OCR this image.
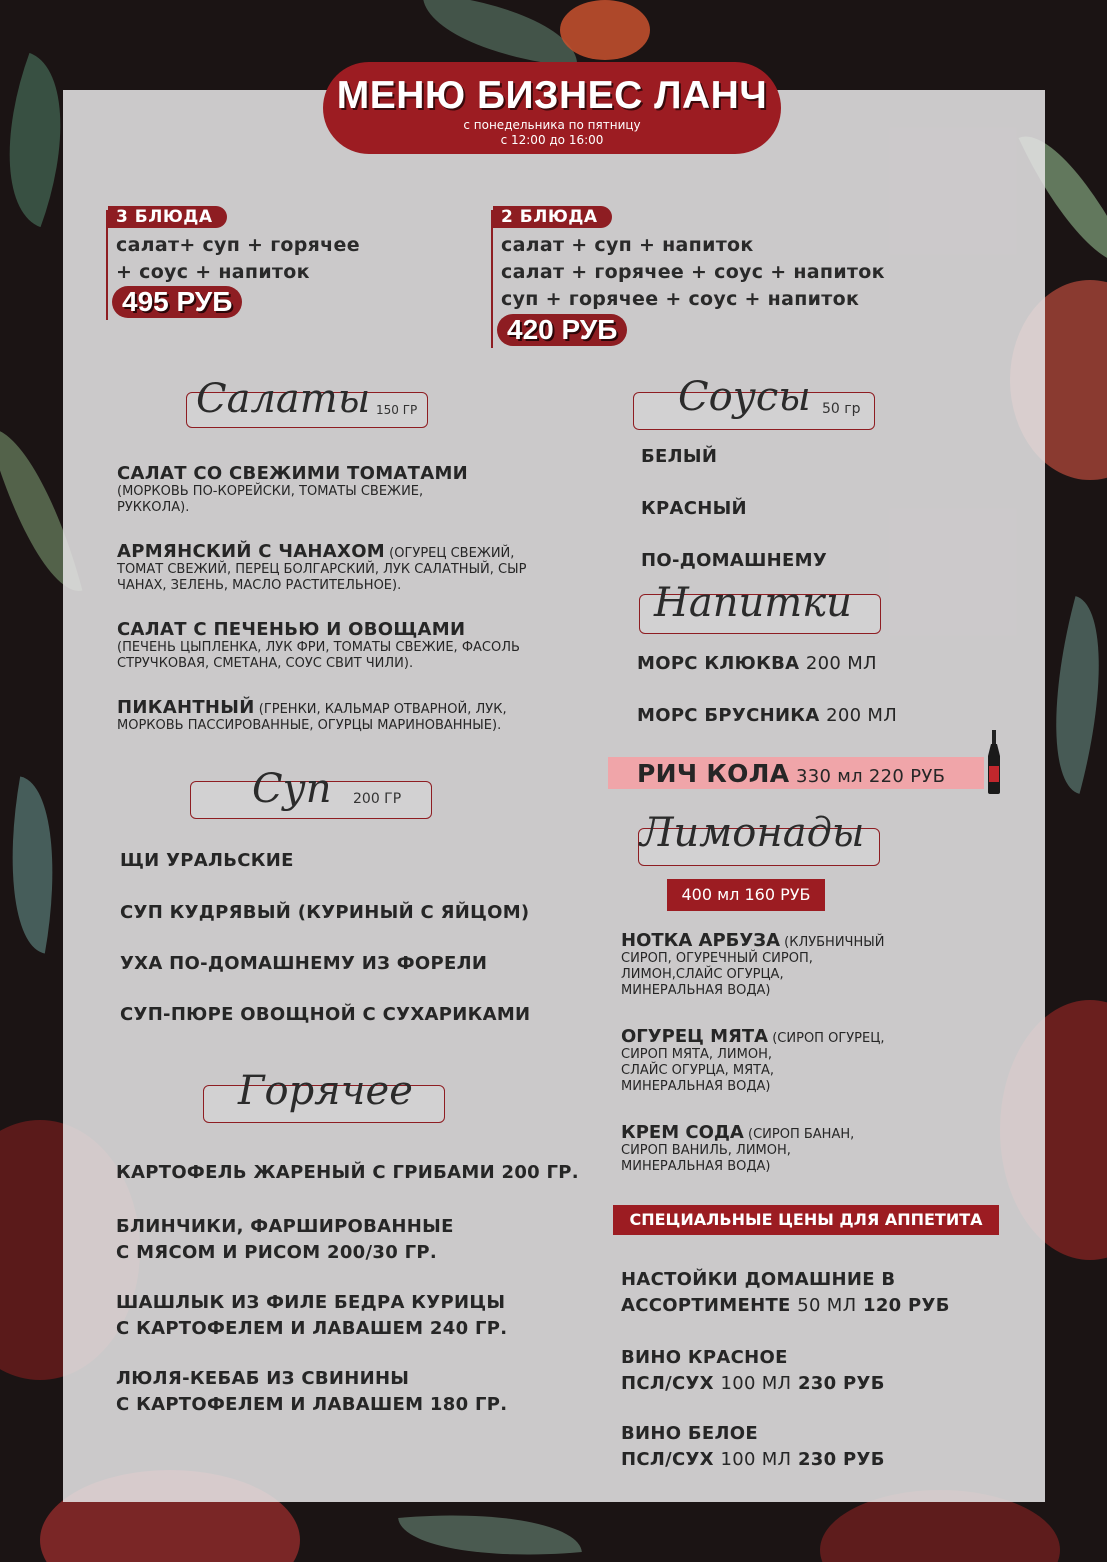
МЕНЮ БИЗНЕС ЛАНЧ
с понедельника по пятницу
с 12:00 до 16:00
3 БЛЮДА
салат+ суп + горячее
+ соус + напиток
495 РУБ
2 БЛЮДА
салат + суп + напиток
салат + горячее + соус + напиток
суп + горячее + соус + напиток
420 РУБ
Салаты 150 ГР
САЛАТ СО СВЕЖИМИ ТОМАТАМИ
(МОРКОВЬ ПО-КОРЕЙСКИ, ТОМАТЫ СВЕЖИЕ, РУККОЛА).
АРМЯНСКИЙ С ЧАНАХОМ (ОГУРЕЦ СВЕЖИЙ, ТОМАТ СВЕЖИЙ, ПЕРЕЦ БОЛГАРСКИЙ, ЛУК САЛАТНЫЙ, СЫР ЧАНАХ, ЗЕЛЕНЬ, МАСЛО РАСТИТЕЛЬНОЕ).
САЛАТ С ПЕЧЕНЬЮ И ОВОЩАМИ
(ПЕЧЕНЬ ЦЫПЛЕНКА, ЛУК ФРИ, ТОМАТЫ СВЕЖИЕ, ФАСОЛЬ СТРУЧКОВАЯ, СМЕТАНА, СОУС СВИТ ЧИЛИ).
ПИКАНТНЫЙ (ГРЕНКИ, КАЛЬМАР ОТВАРНОЙ, ЛУК, МОРКОВЬ ПАССИРОВАННЫЕ, ОГУРЦЫ МАРИНОВАННЫЕ).
Суп 200 ГР
ЩИ УРАЛЬСКИЕ
СУП КУДРЯВЫЙ (КУРИНЫЙ С ЯЙЦОМ)
УХА ПО-ДОМАШНЕМУ ИЗ ФОРЕЛИ
СУП-ПЮРЕ ОВОЩНОЙ С СУХАРИКАМИ
Горячее
КАРТОФЕЛЬ ЖАРЕНЫЙ С ГРИБАМИ 200 ГР.
БЛИНЧИКИ, ФАРШИРОВАННЫЕ
С МЯСОМ И РИСОМ 200/30 ГР.
ШАШЛЫК ИЗ ФИЛЕ БЕДРА КУРИЦЫ
С КАРТОФЕЛЕМ И ЛАВАШЕМ 240 ГР.
ЛЮЛЯ-КЕБАБ ИЗ СВИНИНЫ
С КАРТОФЕЛЕМ И ЛАВАШЕМ 180 ГР.
Соусы 50 гр
БЕЛЫЙ
КРАСНЫЙ
ПО-ДОМАШНЕМУ
Напитки
МОРС КЛЮКВА 200 МЛ
МОРС БРУСНИКА 200 МЛ
РИЧ КОЛА 330 мл 220 РУБ
Лимонады
400 мл 160 РУБ
НОТКА АРБУЗА (КЛУБНИЧНЫЙ
СИРОП, ОГУРЕЧНЫЙ СИРОП,
ЛИМОН,СЛАЙС ОГУРЦА,
МИНЕРАЛЬНАЯ ВОДА)
ОГУРЕЦ МЯТА (СИРОП ОГУРЕЦ,
СИРОП МЯТА, ЛИМОН,
СЛАЙС ОГУРЦА, МЯТА,
МИНЕРАЛЬНАЯ ВОДА)
КРЕМ СОДА (СИРОП БАНАН,
СИРОП ВАНИЛЬ, ЛИМОН,
МИНЕРАЛЬНАЯ ВОДА)
СПЕЦИАЛЬНЫЕ ЦЕНЫ ДЛЯ АППЕТИТА
НАСТОЙКИ ДОМАШНИЕ В
АССОРТИМЕНТЕ 50 МЛ 120 РУБ
ВИНО КРАСНОЕ
ПСЛ/СУХ 100 МЛ 230 РУБ
ВИНО БЕЛОЕ
ПСЛ/СУХ 100 МЛ 230 РУБ
